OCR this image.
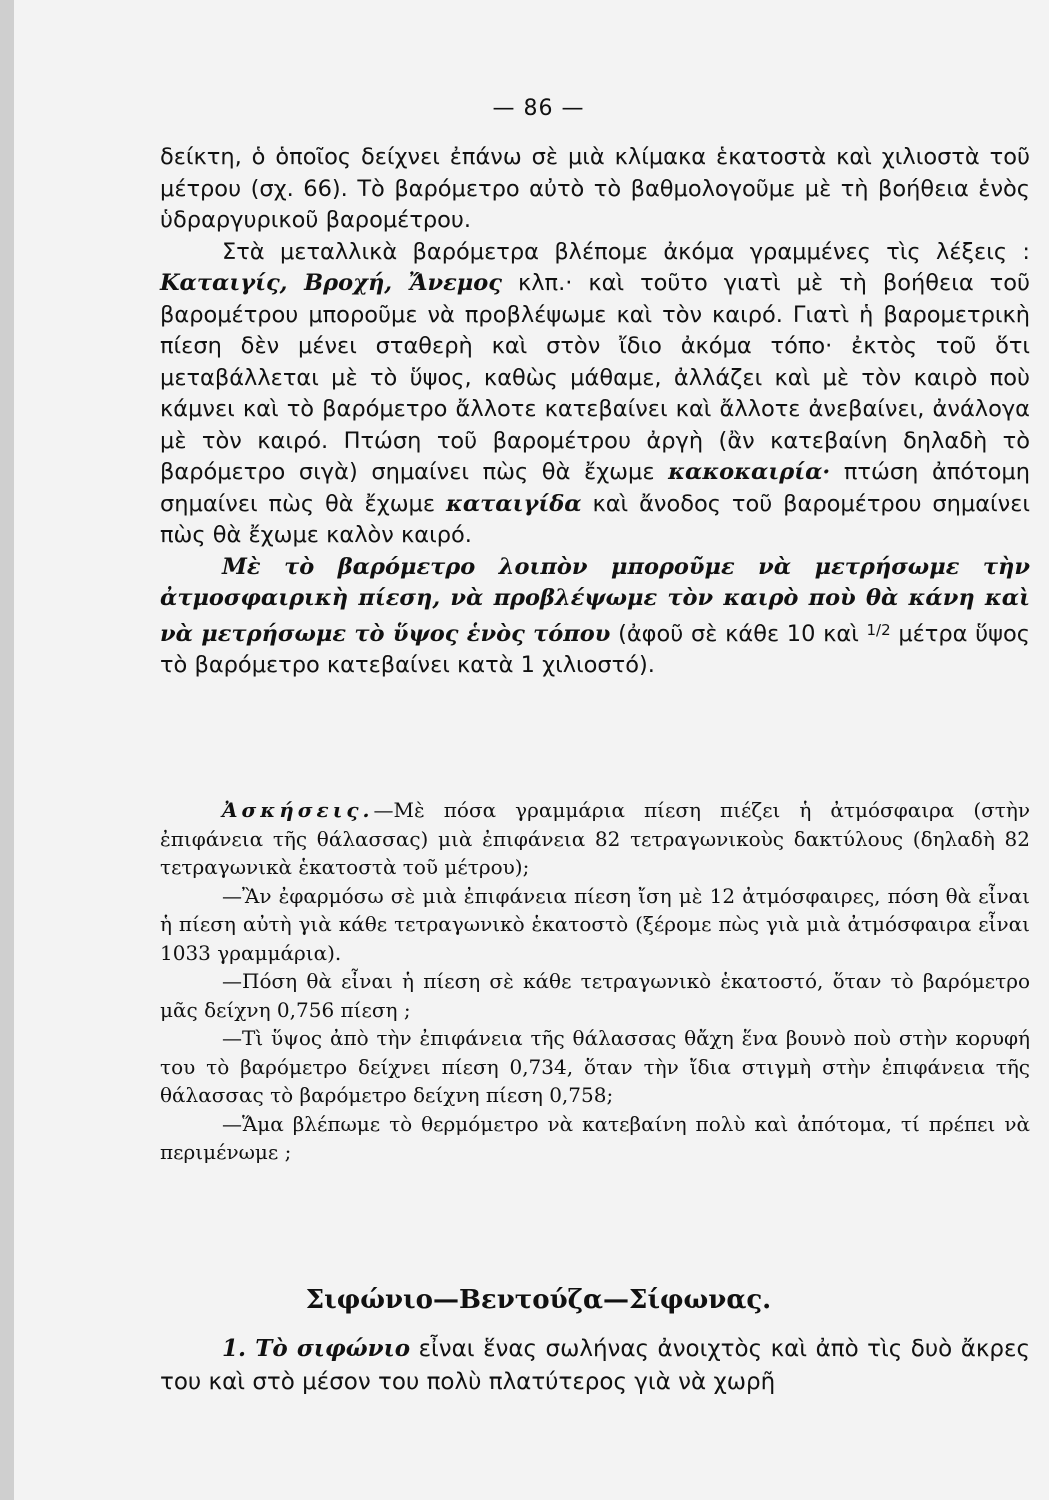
— 86 —

δείκτη, ὁ ὁποῖος δείχνει ἐπάνω σὲ μιὰ κλίμακα ἑκατοστὰ καὶ χιλιοστὰ τοῦ μέτρου (σχ. 66). Τὸ βαρόμετρο αὐτὸ τὸ βαθμολογοῦμε μὲ τὴ βοήθεια ἑνὸς ὑδραργυρικοῦ βαρομέτρου.

Στὰ μεταλλικὰ βαρόμετρα βλέπομε ἀκόμα γραμμένες τὶς λέξεις : Καταιγίς, Βροχή, Ἄνεμος κλπ.· καὶ τοῦτο γιατὶ μὲ τὴ βοήθεια τοῦ βαρομέτρου μποροῦμε νὰ προβλέψωμε καὶ τὸν καιρό. Γιατὶ ἡ βαρομετρικὴ πίεση δὲν μένει σταθερὴ καὶ στὸν ἴδιο ἀκόμα τόπο· ἐκτὸς τοῦ ὅτι μεταβάλλεται μὲ τὸ ὕψος, καθὼς μάθαμε, ἀλλάζει καὶ μὲ τὸν καιρὸ ποὺ κάμνει καὶ τὸ βαρόμετρο ἄλλοτε κατεβαίνει καὶ ἄλλοτε ἀνεβαίνει, ἀνάλογα μὲ τὸν καιρό. Πτώση τοῦ βαρομέτρου ἀργὴ (ἂν κατεβαίνη δηλαδὴ τὸ βαρόμετρο σιγὰ) σημαίνει πὼς θὰ ἔχωμε κακοκαιρία· πτώση ἀπότομη σημαίνει πὼς θὰ ἔχωμε καταιγίδα καὶ ἄνοδος τοῦ βαρομέτρου σημαίνει πὼς θὰ ἔχωμε καλὸν καιρό.

Μὲ τὸ βαρόμετρο λοιπὸν μποροῦμε νὰ μετρήσωμε τὴν ἀτμοσφαιρικὴ πίεση, νὰ προβλέψωμε τὸν καιρὸ ποὺ θὰ κάνη καὶ νὰ μετρήσωμε τὸ ὕψος ἑνὸς τόπου (ἀφοῦ σὲ κάθε 10 καὶ $^{1/2}$ μέτρα ὕψος τὸ βαρόμετρο κατεβαίνει κατὰ 1 χιλιοστό).

Ἀσκήσεις.—Μὲ πόσα γραμμάρια πίεση πιέζει ἡ ἀτμόσφαιρα (στὴν ἐπιφάνεια τῆς θάλασσας) μιὰ ἐπιφάνεια 82 τετραγωνικοὺς δακτύλους (δηλαδὴ 82 τετραγωνικὰ ἑκατοστὰ τοῦ μέτρου);

—Ἂν ἐφαρμόσω σὲ μιὰ ἐπιφάνεια πίεση ἴση μὲ 12 ἀτμόσφαιρες, πόση θὰ εἶναι ἡ πίεση αὐτὴ γιὰ κάθε τετραγωνικὸ ἑκατοστὸ (ξέρομε πὼς γιὰ μιὰ ἀτμόσφαιρα εἶναι 1033 γραμμάρια).

—Πόση θὰ εἶναι ἡ πίεση σὲ κάθε τετραγωνικὸ ἑκατοστό, ὅταν τὸ βαρόμετρο μᾶς δείχνη 0,756 πίεση ;

—Τὶ ὕψος ἀπὸ τὴν ἐπιφάνεια τῆς θάλασσας θἄχη ἕνα βουνὸ ποὺ στὴν κορυφή του τὸ βαρόμετρο δείχνει πίεση 0,734, ὅταν τὴν ἴδια στιγμὴ στὴν ἐπιφάνεια τῆς θάλασσας τὸ βαρόμετρο δείχνη πίεση 0,758;

—Ἅμα βλέπωμε τὸ θερμόμετρο νὰ κατεβαίνη πολὺ καὶ ἀπότομα, τί πρέπει νὰ περιμένωμε ;

Σιφώνιο—Βεντούζα—Σίφωνας.

1. Τὸ σιφώνιο εἶναι ἕνας σωλήνας ἀνοιχτὸς καὶ ἀπὸ τὶς δυὸ ἄκρες του καὶ στὸ μέσον του πολὺ πλατύτερος γιὰ νὰ χωρῆ
